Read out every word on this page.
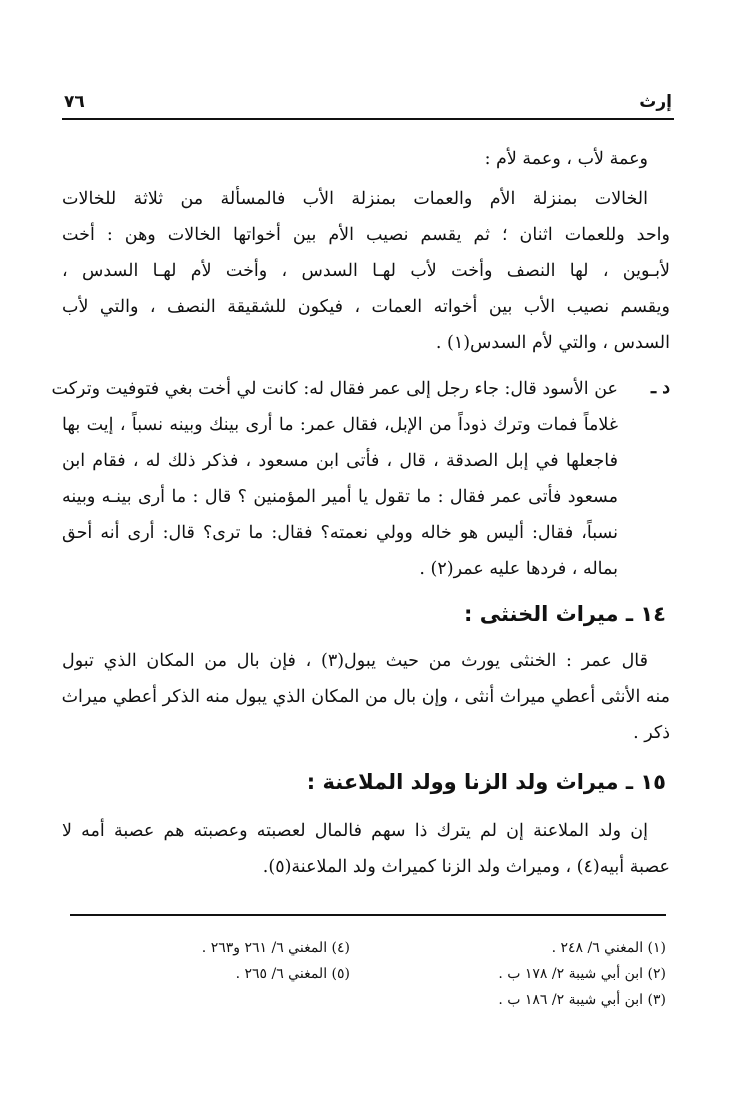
إرث
٧٦
وعمة لأب ، وعمة لأم :
الخالات بمنزلة الأم والعمات بمنزلة الأب فالمسألة من ثلاثة للخالات
واحد وللعمات اثنان ؛ ثم يقسم نصيب الأم بين أخواتها الخالات وهن : أخت
لأبـوين ، لها النصف وأخت لأب لهـا السدس ، وأخت لأم لهـا السدس ،
ويقسم نصيب الأب بين أخواته العمات ، فيكون للشقيقة النصف ، والتي لأب
السدس ، والتي لأم السدس(١) .
د ـ
عن الأسود قال: جاء رجل إلى عمر فقال له: كانت لي أخت بغي فتوفيت وتركت
غلاماً فمات وترك ذوداً من الإبل، فقال عمر: ما أرى بينك وبينه نسباً ، إيت بها
فاجعلها في إبل الصدقة ، قال ، فأتى ابن مسعود ، فذكر ذلك له ، فقام ابن
مسعود فأتى عمر فقال : ما تقول يا أمير المؤمنين ؟ قال : ما أرى بينـه وبينه
نسباً، فقال: أليس هو خاله وولي نعمته؟ فقال: ما ترى؟ قال: أرى أنه أحق
بماله ، فردها عليه عمر(٢) .
١٤ ـ ميراث الخنثى :
قال عمر : الخنثى يورث من حيث يبول(٣) ، فإن بال من المكان الذي تبول
منه الأنثى أعطي ميراث أنثى ، وإن بال من المكان الذي يبول منه الذكر أعطي ميراث
ذكر .
١٥ ـ ميراث ولد الزنا وولد الملاعنة :
إن ولد الملاعنة إن لم يترك ذا سهم فالمال لعصبته وعصبته هم عصبة أمه لا
عصبة أبيه(٤) ، وميراث ولد الزنا كميراث ولد الملاعنة(٥).
(١) المغني ٦/ ٢٤٨ .
(٢) ابن أبي شيبة ٢/ ١٧٨ ب .
(٣) ابن أبي شيبة ٢/ ١٨٦ ب .
(٤) المغني ٦/ ٢٦١ و٢٦٣ .
(٥) المغني ٦/ ٢٦٥ .
